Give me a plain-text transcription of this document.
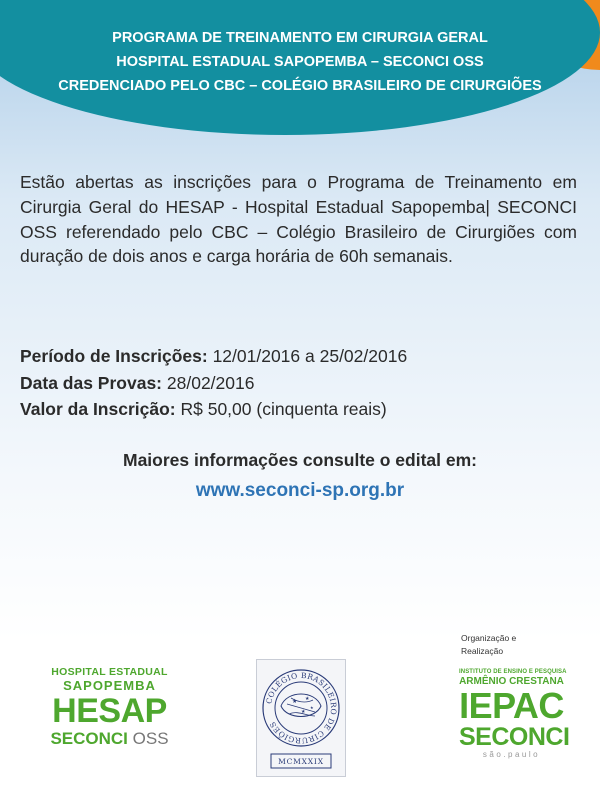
PROGRAMA DE TREINAMENTO EM CIRURGIA GERAL
HOSPITAL ESTADUAL SAPOPEMBA – SECONCI OSS
CREDENCIADO PELO CBC – COLÉGIO BRASILEIRO DE CIRURGIÕES
Estão abertas as inscrições para o Programa de Treinamento em Cirurgia Geral do HESAP - Hospital Estadual Sapopemba| SECONCI OSS referendado pelo CBC – Colégio Brasileiro de Cirurgiões com duração de dois anos e carga horária de 60h semanais.
Período de Inscrições: 12/01/2016 a 25/02/2016
Data das Provas: 28/02/2016
Valor da Inscrição: R$ 50,00 (cinquenta reais)
Maiores informações consulte o edital em:
www.seconci-sp.org.br
HOSPITAL ESTADUAL
SAPOPEMBA
HESAP
SECONCI OSS
COLÉGIO BRASILEIRO DE CIRURGIÕES
★ ★
★
★
MCMXXIX
Organização e
Realização
INSTITUTO DE ENSINO E PESQUISA
ARMÊNIO CRESTANA
IEPAC
SECONCI
são.paulo
